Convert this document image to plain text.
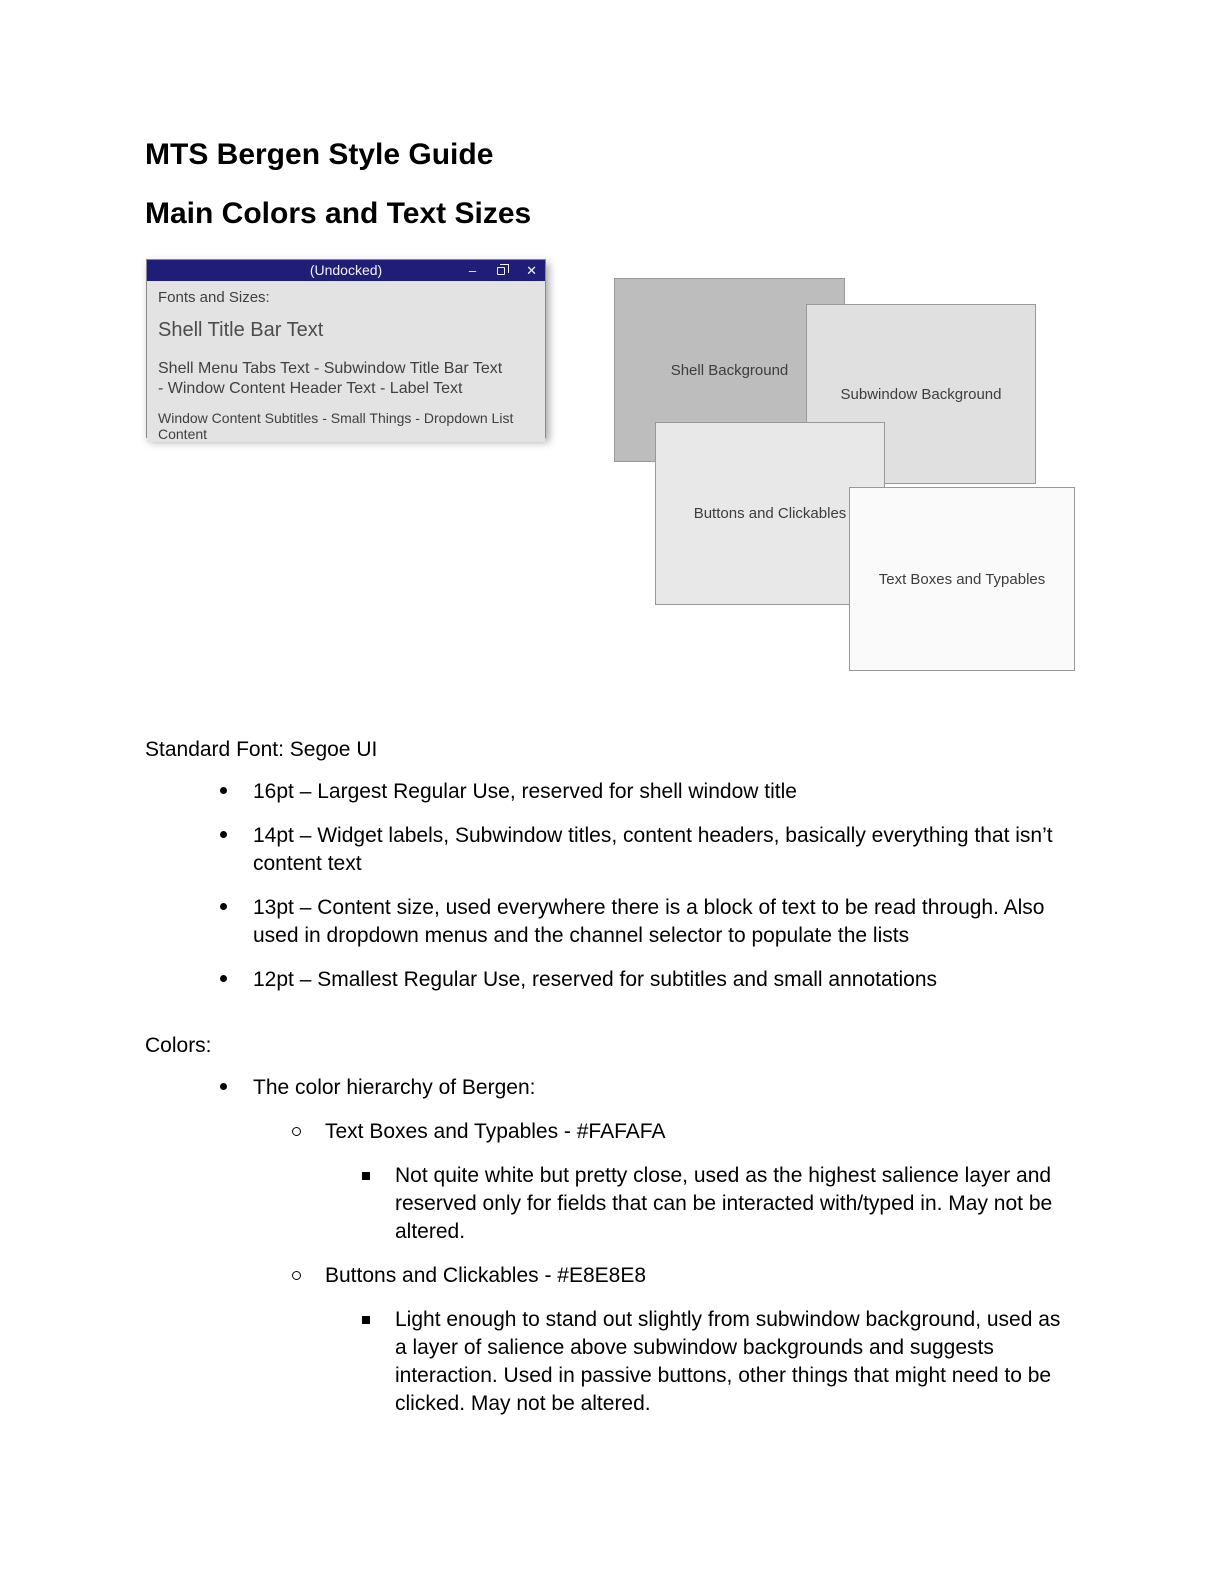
MTS Bergen Style Guide
Main Colors and Text Sizes
(Undocked)	–	✕
Fonts and Sizes:
Shell Title Bar Text
Shell Menu Tabs Text - Subwindow Title Bar Text - Window Content Header Text - Label Text
Window Content Subtitles - Small Things - Dropdown List Content
Shell Background
Subwindow Background
Buttons and Clickables
Text Boxes and Typables

Standard Font: Segoe UI

16pt – Largest Regular Use, reserved for shell window title
14pt – Widget labels, Subwindow titles, content headers, basically everything that isn’t content text
13pt – Content size, used everywhere there is a block of text to be read through. Also used in dropdown menus and the channel selector to populate the lists
12pt – Smallest Regular Use, reserved for subtitles and small annotations

Colors:

The color hierarchy of Bergen:
Text Boxes and Typables - #FAFAFA
Not quite white but pretty close, used as the highest salience layer and reserved only for fields that can be interacted with/typed in. May not be altered.
Buttons and Clickables - #E8E8E8
Light enough to stand out slightly from subwindow background, used as a layer of salience above subwindow backgrounds and suggests interaction. Used in passive buttons, other things that might need to be clicked. May not be altered.
